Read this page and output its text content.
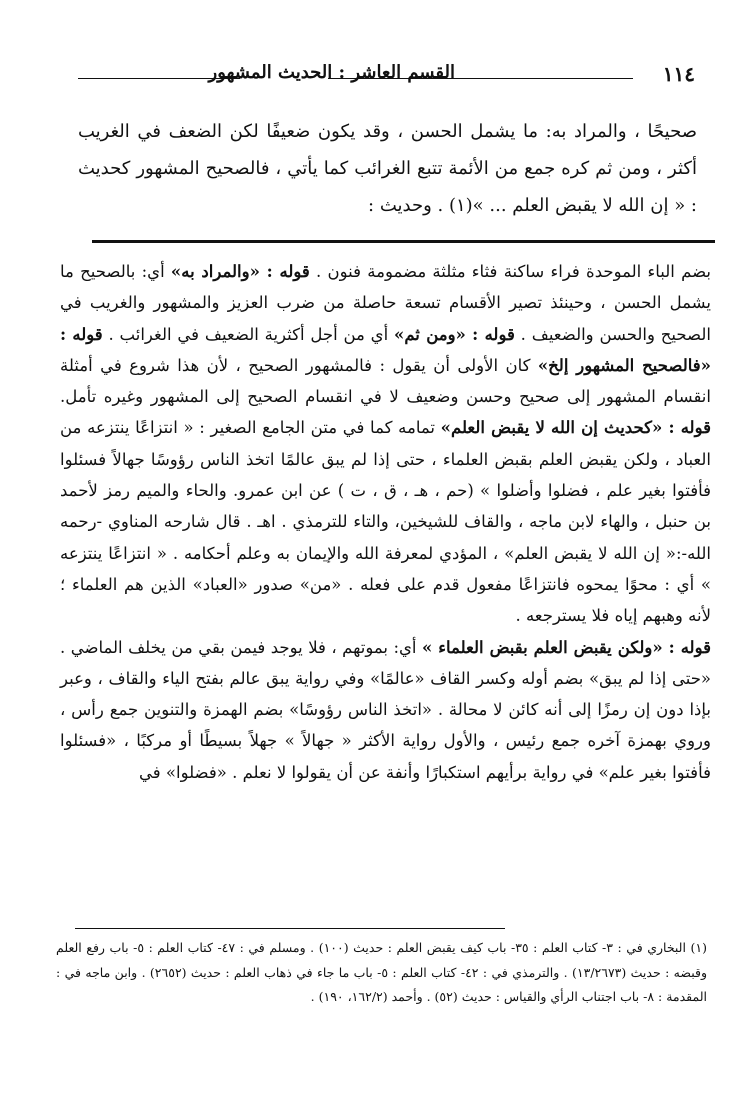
١١٤
القسم العاشر : الحديث المشهور

صحيحًا ، والمراد به: ما يشمل الحسن ، وقد يكون ضعيفًا لكن الضعف في الغريب أكثر ، ومن ثم كره جمع من الأئمة تتبع الغرائب كما يأتي ، فالصحيح المشهور كحديث : « إن الله لا يقبض العلم ... »(١) . وحديث :

بضم الباء الموحدة فراء ساكنة فثاء مثلثة مضمومة فنون . قوله : «والمراد به» أي: بالصحيح ما يشمل الحسن ، وحينئذ تصير الأقسام تسعة حاصلة من ضرب العزيز والمشهور والغريب في الصحيح والحسن والضعيف . قوله : «ومن ثم» أي من أجل أكثرية الضعيف في الغرائب . قوله : «فالصحيح المشهور إلخ» كان الأولى أن يقول : فالمشهور الصحيح ، لأن هذا شروع في أمثلة انقسام المشهور إلى صحيح وحسن وضعيف لا في انقسام الصحيح إلى المشهور وغيره تأمل. قوله : «كحديث إن الله لا يقبض العلم» تمامه كما في متن الجامع الصغير : « انتزاعًا ينتزعه من العباد ، ولكن يقبض العلم بقبض العلماء ، حتى إذا لم يبق عالمًا اتخذ الناس رؤوسًا جهالاً فسئلوا فأفتوا بغير علم ، فضلوا وأضلوا » (حم ، هـ ، ق ، ت ) عن ابن عمرو. والحاء والميم رمز لأحمد بن حنبل ، والهاء لابن ماجه ، والقاف للشيخين، والتاء للترمذي . اهـ . قال شارحه المناوي -رحمه الله-:« إن الله لا يقبض العلم» ، المؤدي لمعرفة الله والإيمان به وعلم أحكامه . « انتزاعًا ينتزعه » أي : محوًا يمحوه فانتزاعًا مفعول قدم على فعله . «من» صدور «العباد» الذين هم العلماء ؛ لأنه وهبهم إياه فلا يسترجعه .

قوله : «ولكن يقبض العلم بقبض العلماء » أي: بموتهم ، فلا يوجد فيمن بقي من يخلف الماضي . «حتى إذا لم يبق» بضم أوله وكسر القاف «عالمًا» وفي رواية يبق عالم بفتح الياء والقاف ، وعبر بإذا دون إن رمزًا إلى أنه كائن لا محالة . «اتخذ الناس رؤوسًا» بضم الهمزة والتنوين جمع رأس ، وروي بهمزة آخره جمع رئيس ، والأول رواية الأكثر « جهالاً » جهلاً بسيطًا أو مركبًا ، «فسئلوا فأفتوا بغير علم» في رواية برأيهم استكبارًا وأنفة عن أن يقولوا لا نعلم . «فضلوا» في

(١) البخاري في : ٣- كتاب العلم : ٣٥- باب كيف يقبض العلم : حديث (١٠٠) . ومسلم في : ٤٧- كتاب العلم : ٥- باب رفع العلم وقبضه : حديث (١٣/٢٦٧٣) . والترمذي في : ٤٢- كتاب العلم : ٥- باب ما جاء في ذهاب العلم : حديث (٢٦٥٢) . وابن ماجه في : المقدمة : ٨- باب اجتناب الرأي والقياس : حديث (٥٢) . وأحمد (١٦٢/٢، ١٩٠) .
